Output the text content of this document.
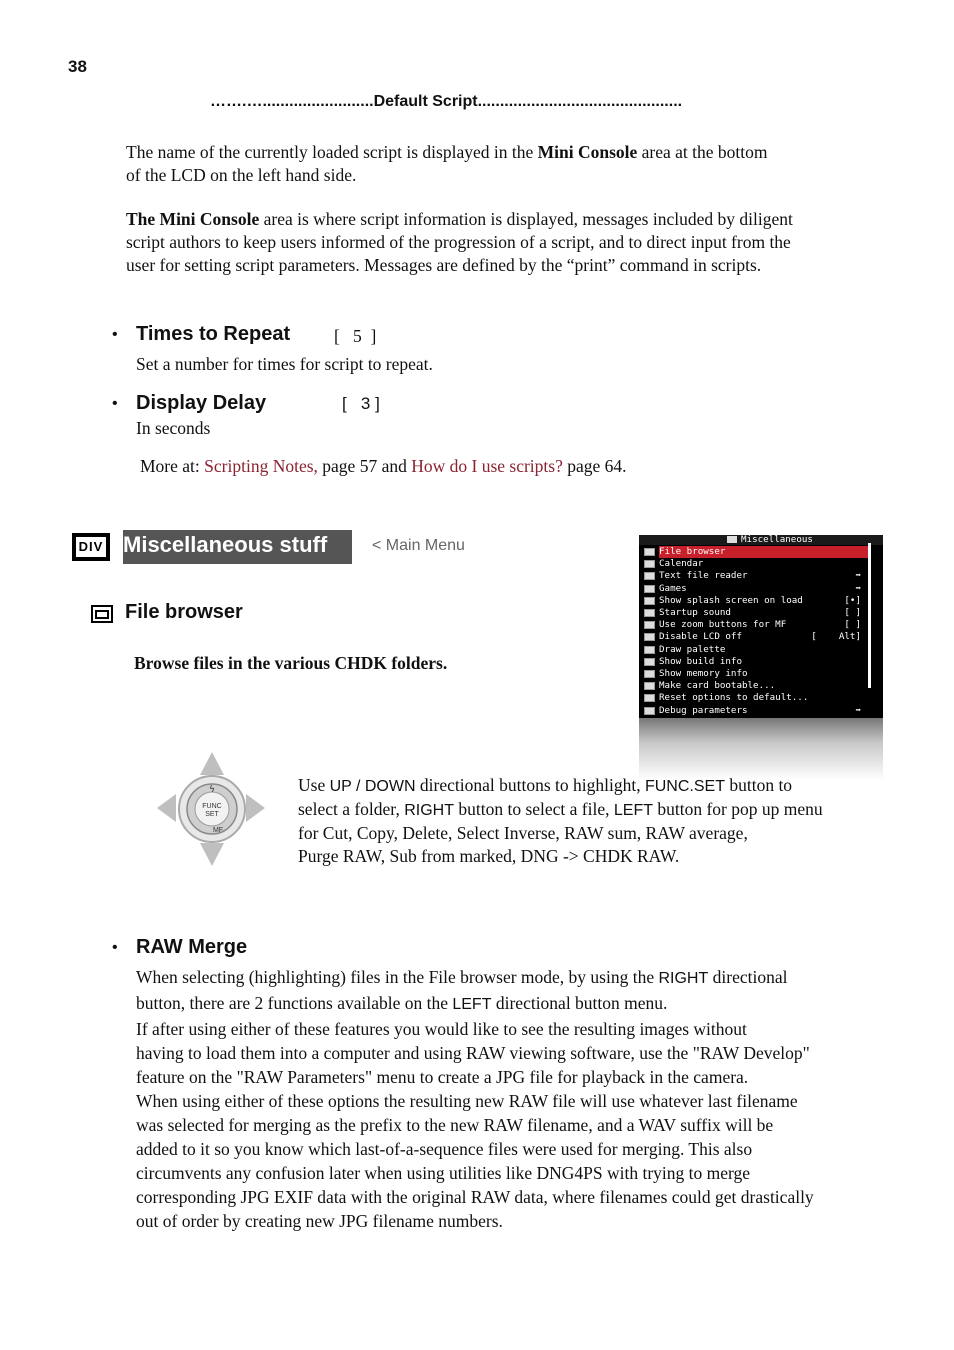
38
…….….........................Default Script..............................................
The name of the currently loaded script is displayed in the Mini Console area at the bottom
of the LCD on the left hand side.
The Mini Console area is where script information is displayed, messages included by diligent
script authors to keep users informed of the progression of a script, and to direct input from the
user for setting script parameters. Messages are defined by the “print” command in scripts.
• Times to Repeat	[   5  ]
Set a number for times for script to repeat.
• Display Delay	[   3 ]
In seconds
More at: Scripting Notes, page 57 and How do I use scripts? page 64.
DIV Miscellaneous stuff	< Main Menu
File browser
Browse files in the various CHDK folders.
Miscellaneous
File browser
Calendar
Text file reader	➡
Games	➡
Show splash screen on load	[•]
Startup sound	[ ]
Use zoom buttons for MF	[ ]
Disable LCD off	[    Alt]
Draw palette
Show build info
Show memory info
Make card bootable...
Reset options to default...
Debug parameters	➡
FUNC
SET
MF
ϟ	Use UP / DOWN directional buttons to highlight, FUNC.SET button to
select a folder, RIGHT button to select a file, LEFT button for pop up menu
for Cut, Copy, Delete, Select Inverse, RAW sum, RAW average,
Purge RAW, Sub from marked, DNG -> CHDK RAW.
• RAW Merge
When selecting (highlighting) files in the File browser mode, by using the RIGHT directional
button, there are 2 functions available on the LEFT directional button menu.
If after using either of these features you would like to see the resulting images without
having to load them into a computer and using RAW viewing software, use the "RAW Develop"
feature on the "RAW Parameters" menu to create a JPG file for playback in the camera.
When using either of these options the resulting new RAW file will use whatever last filename
was selected for merging as the prefix to the new RAW filename, and a WAV suffix will be
added to it so you know which last-of-a-sequence files were used for merging. This also
circumvents any confusion later when using utilities like DNG4PS with trying to merge
corresponding JPG EXIF data with the original RAW data, where filenames could get drastically
out of order by creating new JPG filename numbers.
